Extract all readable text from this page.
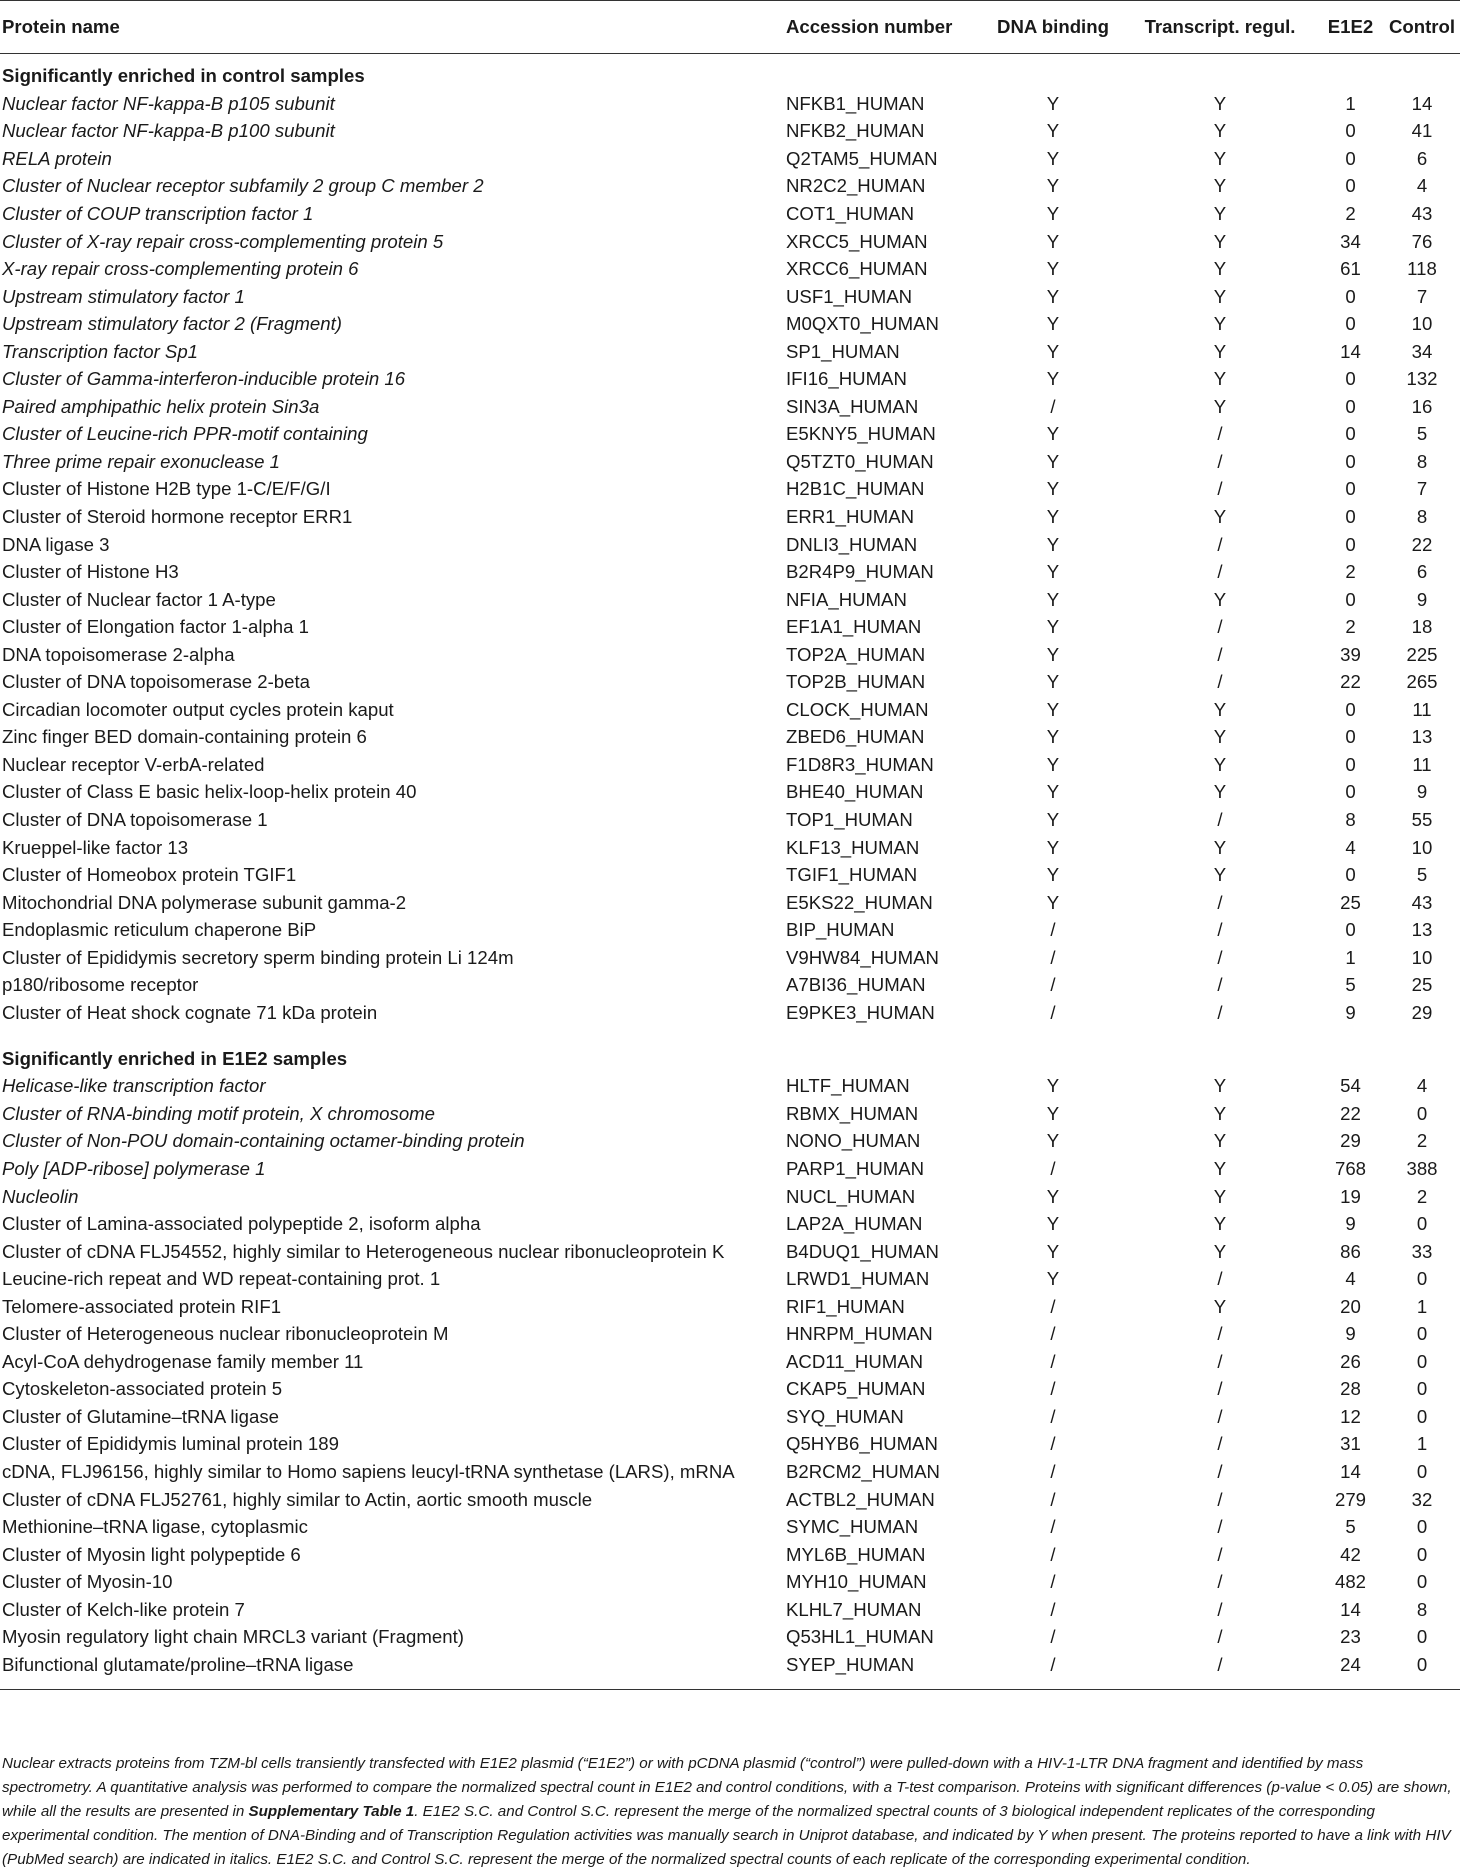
Protein name	Accession number	DNA binding	Transcript. regul.	E1E2	Control
Significantly enriched in control samples					
Nuclear factor NF-kappa-B p105 subunit	NFKB1_HUMAN	Y	Y	1	14
Nuclear factor NF-kappa-B p100 subunit	NFKB2_HUMAN	Y	Y	0	41
RELA protein	Q2TAM5_HUMAN	Y	Y	0	6
Cluster of Nuclear receptor subfamily 2 group C member 2	NR2C2_HUMAN	Y	Y	0	4
Cluster of COUP transcription factor 1	COT1_HUMAN	Y	Y	2	43
Cluster of X-ray repair cross-complementing protein 5	XRCC5_HUMAN	Y	Y	34	76
X-ray repair cross-complementing protein 6	XRCC6_HUMAN	Y	Y	61	118
Upstream stimulatory factor 1	USF1_HUMAN	Y	Y	0	7
Upstream stimulatory factor 2 (Fragment)	M0QXT0_HUMAN	Y	Y	0	10
Transcription factor Sp1	SP1_HUMAN	Y	Y	14	34
Cluster of Gamma-interferon-inducible protein 16	IFI16_HUMAN	Y	Y	0	132
Paired amphipathic helix protein Sin3a	SIN3A_HUMAN	/	Y	0	16
Cluster of Leucine-rich PPR-motif containing	E5KNY5_HUMAN	Y	/	0	5
Three prime repair exonuclease 1	Q5TZT0_HUMAN	Y	/	0	8
Cluster of Histone H2B type 1-C/E/F/G/I	H2B1C_HUMAN	Y	/	0	7
Cluster of Steroid hormone receptor ERR1	ERR1_HUMAN	Y	Y	0	8
DNA ligase 3	DNLI3_HUMAN	Y	/	0	22
Cluster of Histone H3	B2R4P9_HUMAN	Y	/	2	6
Cluster of Nuclear factor 1 A-type	NFIA_HUMAN	Y	Y	0	9
Cluster of Elongation factor 1-alpha 1	EF1A1_HUMAN	Y	/	2	18
DNA topoisomerase 2-alpha	TOP2A_HUMAN	Y	/	39	225
Cluster of DNA topoisomerase 2-beta	TOP2B_HUMAN	Y	/	22	265
Circadian locomoter output cycles protein kaput	CLOCK_HUMAN	Y	Y	0	11
Zinc finger BED domain-containing protein 6	ZBED6_HUMAN	Y	Y	0	13
Nuclear receptor V-erbA-related	F1D8R3_HUMAN	Y	Y	0	11
Cluster of Class E basic helix-loop-helix protein 40	BHE40_HUMAN	Y	Y	0	9
Cluster of DNA topoisomerase 1	TOP1_HUMAN	Y	/	8	55
Krueppel-like factor 13	KLF13_HUMAN	Y	Y	4	10
Cluster of Homeobox protein TGIF1	TGIF1_HUMAN	Y	Y	0	5
Mitochondrial DNA polymerase subunit gamma-2	E5KS22_HUMAN	Y	/	25	43
Endoplasmic reticulum chaperone BiP	BIP_HUMAN	/	/	0	13
Cluster of Epididymis secretory sperm binding protein Li 124m	V9HW84_HUMAN	/	/	1	10
p180/ribosome receptor	A7BI36_HUMAN	/	/	5	25
Cluster of Heat shock cognate 71 kDa protein	E9PKE3_HUMAN	/	/	9	29
Significantly enriched in E1E2 samples					
Helicase-like transcription factor	HLTF_HUMAN	Y	Y	54	4
Cluster of RNA-binding motif protein, X chromosome	RBMX_HUMAN	Y	Y	22	0
Cluster of Non-POU domain-containing octamer-binding protein	NONO_HUMAN	Y	Y	29	2
Poly [ADP-ribose] polymerase 1	PARP1_HUMAN	/	Y	768	388
Nucleolin	NUCL_HUMAN	Y	Y	19	2
Cluster of Lamina-associated polypeptide 2, isoform alpha	LAP2A_HUMAN	Y	Y	9	0
Cluster of cDNA FLJ54552, highly similar to Heterogeneous nuclear ribonucleoprotein K	B4DUQ1_HUMAN	Y	Y	86	33
Leucine-rich repeat and WD repeat-containing prot. 1	LRWD1_HUMAN	Y	/	4	0
Telomere-associated protein RIF1	RIF1_HUMAN	/	Y	20	1
Cluster of Heterogeneous nuclear ribonucleoprotein M	HNRPM_HUMAN	/	/	9	0
Acyl-CoA dehydrogenase family member 11	ACD11_HUMAN	/	/	26	0
Cytoskeleton-associated protein 5	CKAP5_HUMAN	/	/	28	0
Cluster of Glutamine–tRNA ligase	SYQ_HUMAN	/	/	12	0
Cluster of Epididymis luminal protein 189	Q5HYB6_HUMAN	/	/	31	1
cDNA, FLJ96156, highly similar to Homo sapiens leucyl-tRNA synthetase (LARS), mRNA	B2RCM2_HUMAN	/	/	14	0
Cluster of cDNA FLJ52761, highly similar to Actin, aortic smooth muscle	ACTBL2_HUMAN	/	/	279	32
Methionine–tRNA ligase, cytoplasmic	SYMC_HUMAN	/	/	5	0
Cluster of Myosin light polypeptide 6	MYL6B_HUMAN	/	/	42	0
Cluster of Myosin-10	MYH10_HUMAN	/	/	482	0
Cluster of Kelch-like protein 7	KLHL7_HUMAN	/	/	14	8
Myosin regulatory light chain MRCL3 variant (Fragment)	Q53HL1_HUMAN	/	/	23	0
Bifunctional glutamate/proline–tRNA ligase	SYEP_HUMAN	/	/	24	0

Nuclear extracts proteins from TZM-bl cells transiently transfected with E1E2 plasmid (“E1E2”) or with pCDNA plasmid (“control”) were pulled-down with a HIV-1-LTR DNA fragment and identified by mass spectrometry. A quantitative analysis was performed to compare the normalized spectral count in E1E2 and control conditions, with a T-test comparison. Proteins with significant differences (p-value < 0.05) are shown, while all the results are presented in Supplementary Table 1. E1E2 S.C. and Control S.C. represent the merge of the normalized spectral counts of 3 biological independent replicates of the corresponding experimental condition. The mention of DNA-Binding and of Transcription Regulation activities was manually search in Uniprot database, and indicated by Y when present. The proteins reported to have a link with HIV (PubMed search) are indicated in italics. E1E2 S.C. and Control S.C. represent the merge of the normalized spectral counts of each replicate of the corresponding experimental condition.
